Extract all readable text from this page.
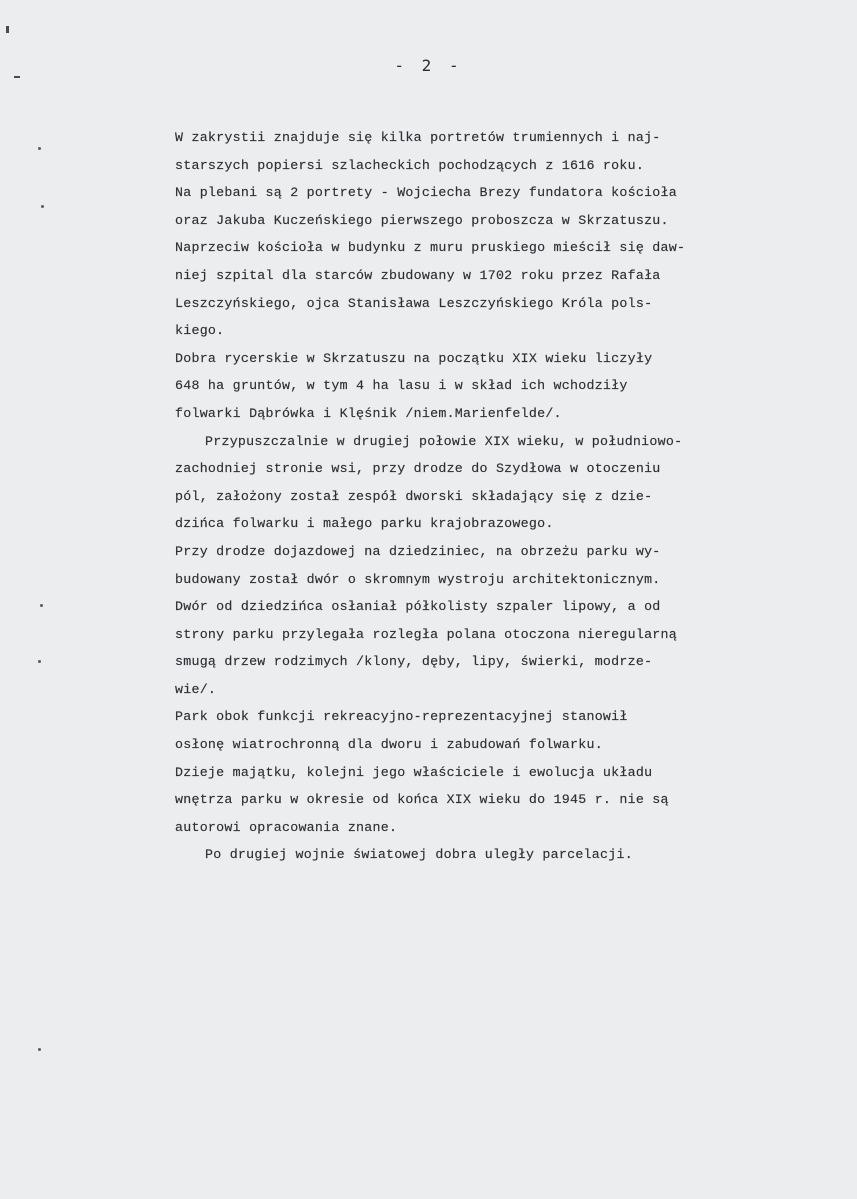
- 2 -
W zakrystii znajduje się kilka portretów trumiennych i naj-
starszych popiersi szlacheckich pochodzących z 1616 roku.
Na plebani są 2 portrety - Wojciecha Brezy fundatora kościoła
oraz Jakuba Kuczeńskiego pierwszego proboszcza w Skrzatuszu.
Naprzeciw kościoła w budynku z muru pruskiego mieścił się daw-
niej szpital dla starców zbudowany w 1702 roku przez Rafała
Leszczyńskiego, ojca Stanisława Leszczyńskiego Króla pols-
kiego.
Dobra rycerskie w Skrzatuszu na początku XIX wieku liczyły
648 ha gruntów, w tym 4 ha lasu i w skład ich wchodziły
folwarki Dąbrówka i Klęśnik /niem.Marienfelde/.
Przypuszczalnie w drugiej połowie XIX wieku, w południowo-
zachodniej stronie wsi, przy drodze do Szydłowa w otoczeniu
pól, założony został zespół dworski składający się z dzie-
dzińca folwarku i małego parku krajobrazowego.
Przy drodze dojazdowej na dziedziniec, na obrzeżu parku wy-
budowany został dwór o skromnym wystroju architektonicznym.
Dwór od dziedzińca osłaniał półkolisty szpaler lipowy, a od
strony parku przylegała rozległa polana otoczona nieregularną
smugą drzew rodzimych /klony, dęby, lipy, świerki, modrze-
wie/.
Park obok funkcji rekreacyjno-reprezentacyjnej stanowił
osłonę wiatrochronną dla dworu i zabudowań folwarku.
Dzieje majątku, kolejni jego właściciele i ewolucja układu
wnętrza parku w okresie od końca XIX wieku do 1945 r. nie są
autorowi opracowania znane.
Po drugiej wojnie światowej dobra uległy parcelacji.
